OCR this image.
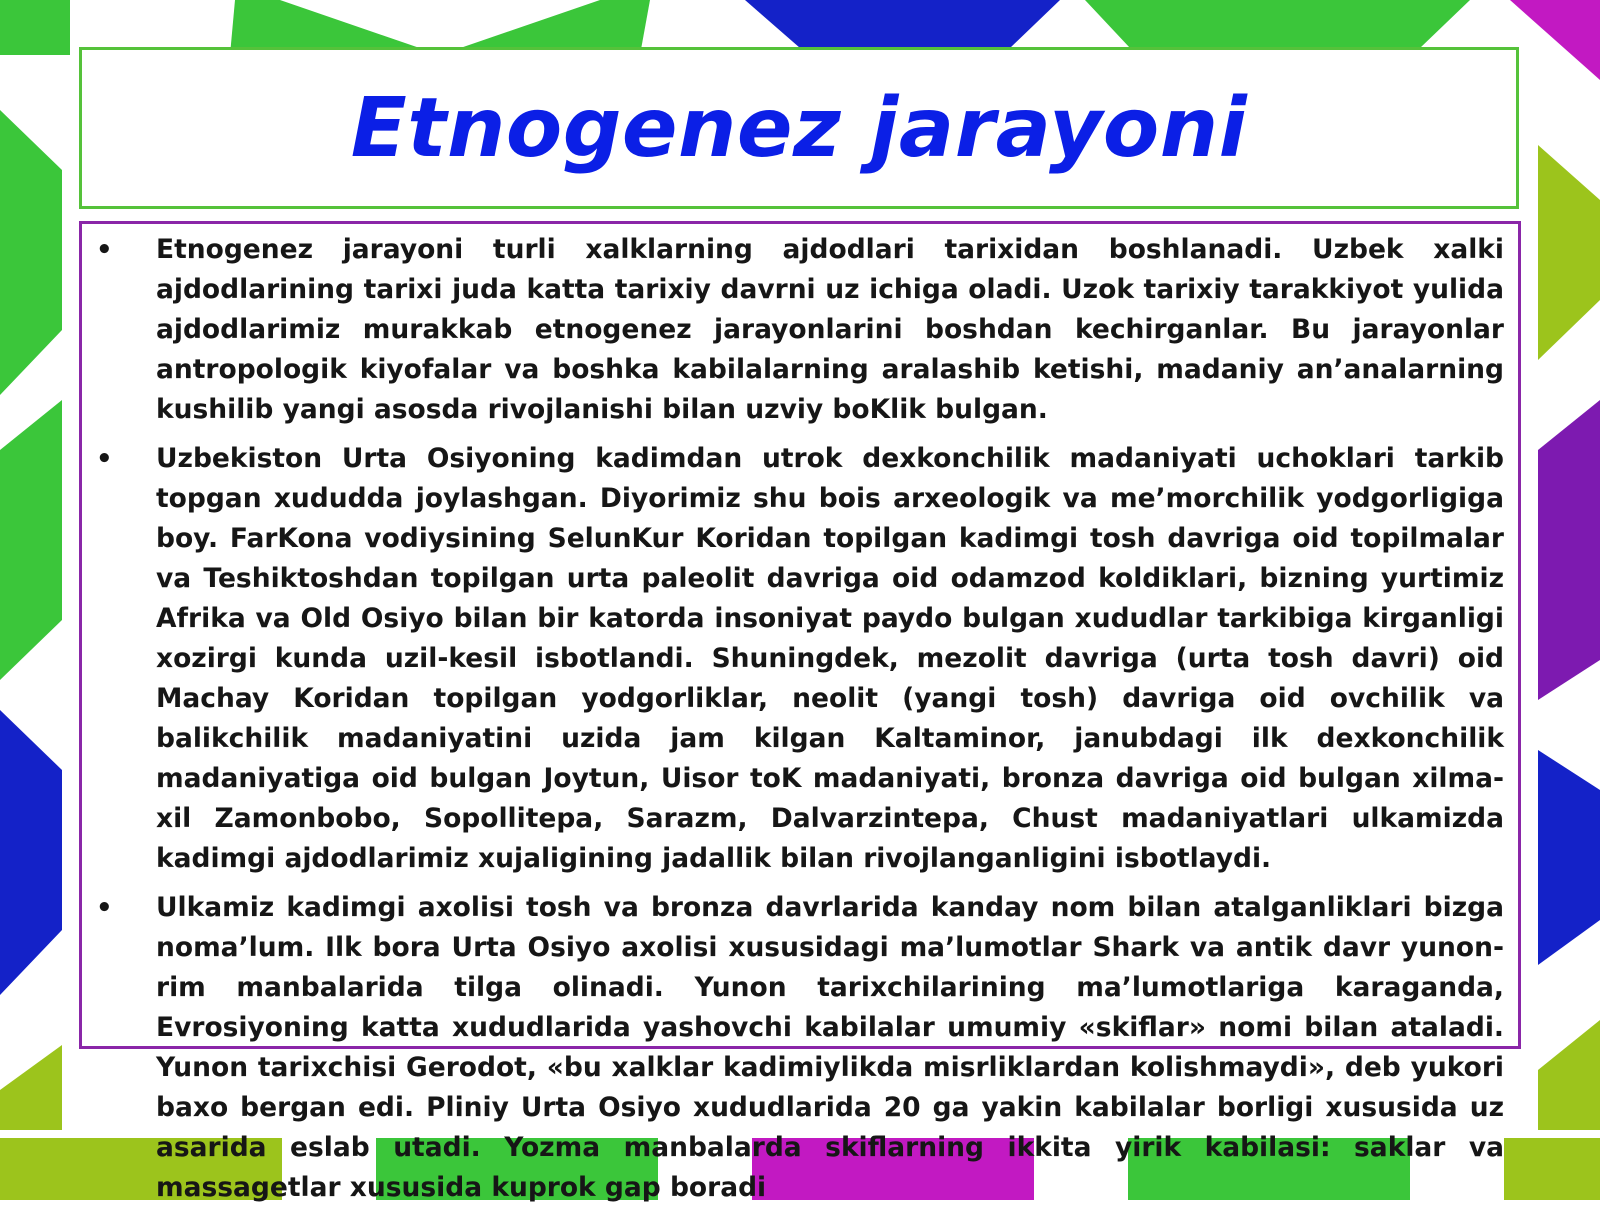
Etnogenez jarayoni
• Etnogenez jarayoni turli xalklarning ajdodlari tarixidan boshlanadi. Uzbek xalki ajdodlarining tarixi juda katta tarixiy davrni uz ichiga oladi. Uzok tarixiy tarakkiyot yulida ajdodlarimiz murakkab etnogenez jarayonlarini boshdan kechirganlar. Bu jarayonlar antropologik kiyofalar va boshka kabilalarning aralashib ketishi, madaniy an’analarning kushilib yangi asosda rivojlanishi bilan uzviy boKlik bulgan.
• Uzbekiston Urta Osiyoning kadimdan utrok dexkonchilik madaniyati uchoklari tarkib topgan xududda joylashgan. Diyorimiz shu bois arxeologik va me’morchilik yodgorligiga boy. FarKona vodiysining SelunKur Koridan topilgan kadimgi tosh davriga oid topilmalar va Teshiktoshdan topilgan urta paleolit davriga oid odamzod koldiklari, bizning yurtimiz Afrika va Old Osiyo bilan bir katorda insoniyat paydo bulgan xududlar tarkibiga kirganligi xozirgi kunda uzil-kesil isbotlandi. Shuningdek, mezolit davriga (urta tosh davri) oid Machay Koridan topilgan yodgorliklar, neolit (yangi tosh) davriga oid ovchilik va balikchilik madaniyatini uzida jam kilgan Kaltaminor, janubdagi ilk dexkonchilik madaniyatiga oid bulgan Joytun, Uisor toK madaniyati, bronza davriga oid bulgan xilma-xil Zamonbobo, Sopollitepa, Sarazm, Dalvarzintepa, Chust madaniyatlari ulkamizda kadimgi ajdodlarimiz xujaligining jadallik bilan rivojlanganligini isbotlaydi.
• Ulkamiz kadimgi axolisi tosh va bronza davrlarida kanday nom bilan atalganliklari bizga noma’lum. Ilk bora Urta Osiyo axolisi xususidagi ma’lumotlar Shark va antik davr yunon-rim manbalarida tilga olinadi. Yunon tarixchilarining ma’lumotlariga karaganda, Evrosiyoning katta xududlarida yashovchi kabilalar umumiy «skiflar» nomi bilan ataladi. Yunon tarixchisi Gerodot, «bu xalklar kadimiylikda misrliklardan kolishmaydi», deb yukori baxo bergan edi. Pliniy Urta Osiyo xududlarida 20 ga yakin kabilalar borligi xususida uz asarida eslab utadi. Yozma manbalarda skiflarning ikkita yirik kabilasi: saklar va massagetlar xususida kuprok gap boradi
